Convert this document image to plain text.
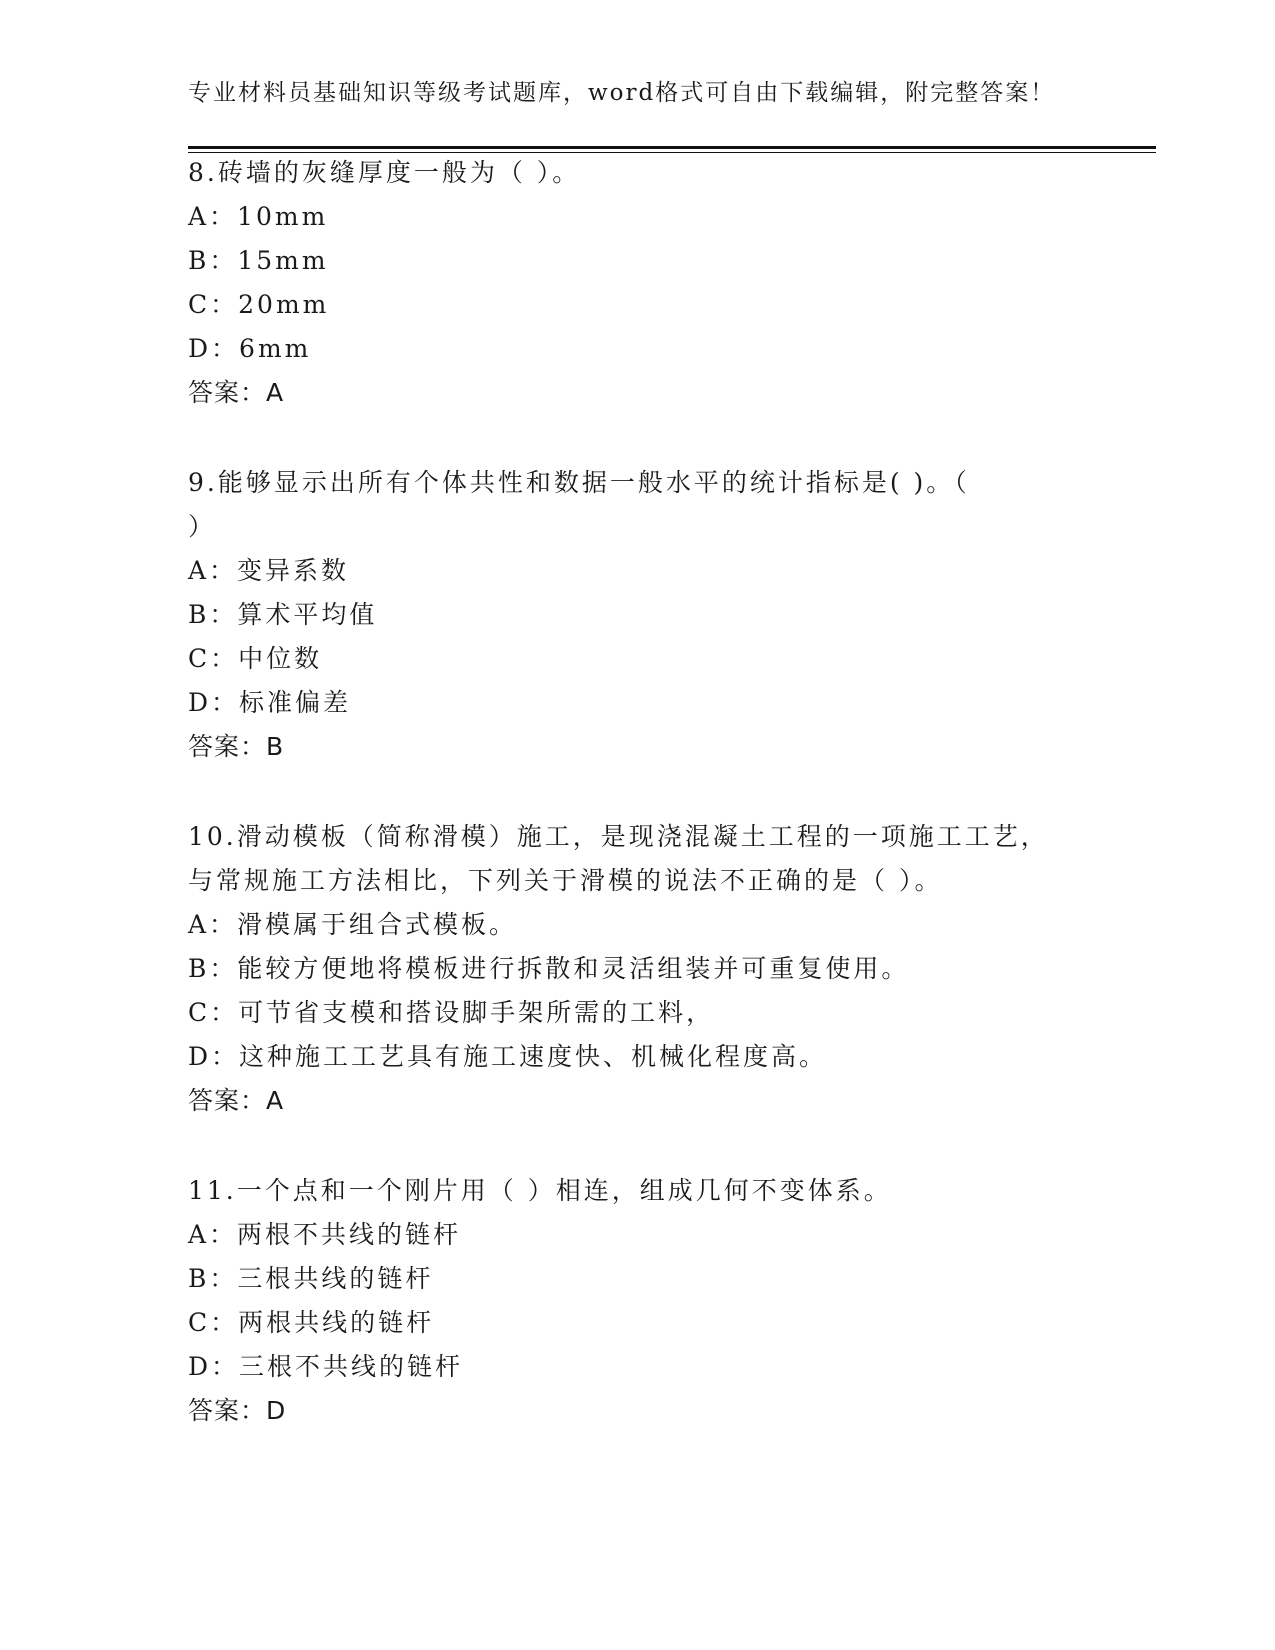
专业材料员基础知识等级考试题库，word格式可自由下载编辑，附完整答案！
8.砖墙的灰缝厚度一般为（ ）。
A：10mm
B：15mm
C：20mm
D：6mm
答案：A
9.能够显示出所有个体共性和数据一般水平的统计指标是( )。（
）
A：变异系数
B：算术平均值
C：中位数
D：标准偏差
答案：B
10.滑动模板（简称滑模）施工，是现浇混凝土工程的一项施工工艺，
与常规施工方法相比，下列关于滑模的说法不正确的是（ ）。
A：滑模属于组合式模板。
B：能较方便地将模板进行拆散和灵活组装并可重复使用。
C：可节省支模和搭设脚手架所需的工料，
D：这种施工工艺具有施工速度快、机械化程度高。
答案：A
11.一个点和一个刚片用（ ）相连，组成几何不变体系。
A：两根不共线的链杆
B：三根共线的链杆
C：两根共线的链杆
D：三根不共线的链杆
答案：D
